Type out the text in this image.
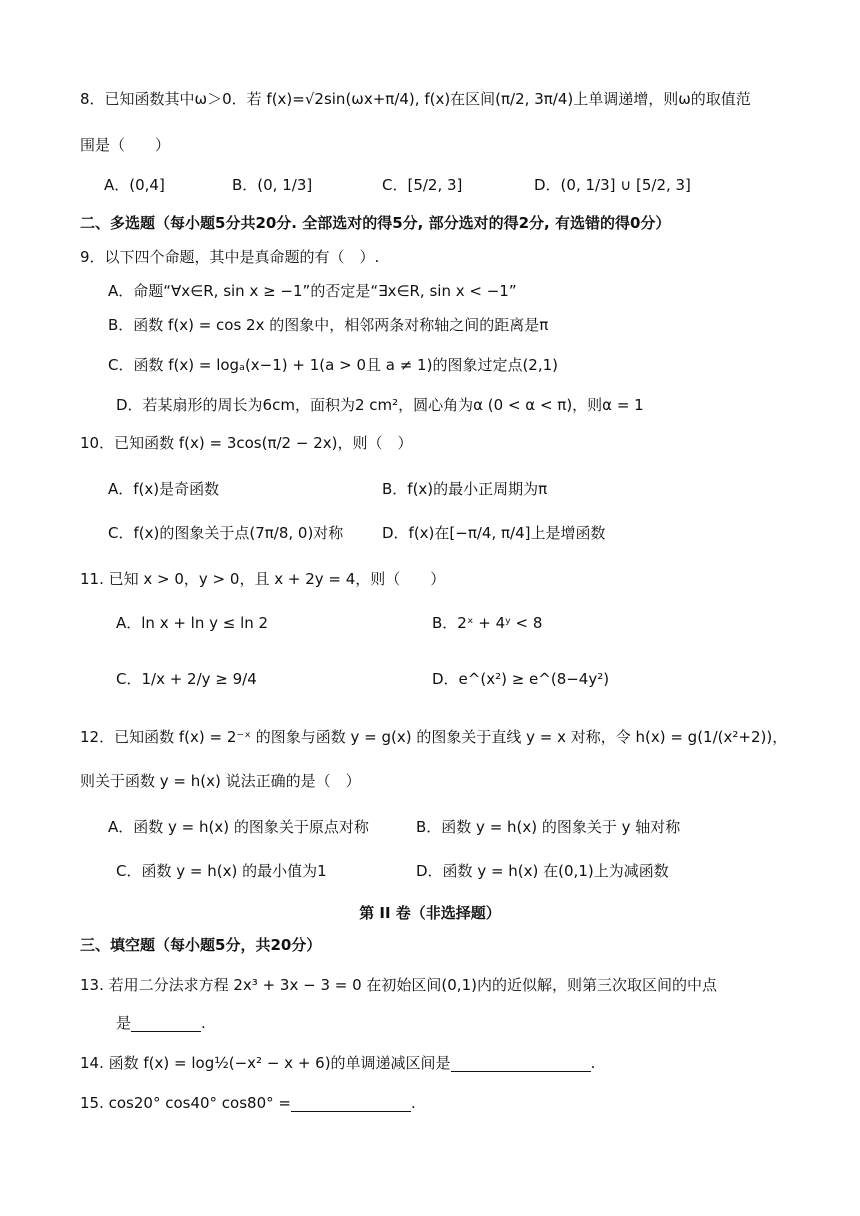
8．已知函数其中ω＞0．若 f(x)=√2sin(ωx+π/4), f(x)在区间(π/2, 3π/4)上单调递增，则ω的取值范
围是（　　）
A．(0,4]	B．(0, 1/3]	C．[5/2, 3]	D．(0, 1/3] ∪ [5/2, 3]
二、多选题（每小题5分共20分. 全部选对的得5分, 部分选对的得2分, 有选错的得0分）
9．以下四个命题，其中是真命题的有（　）.
A．命题“∀x∈R, sin x ≥ −1”的否定是“∃x∈R, sin x < −1”
B．函数 f(x) = cos 2x 的图象中，相邻两条对称轴之间的距离是π
C．函数 f(x) = logₐ(x−1) + 1(a > 0且 a ≠ 1)的图象过定点(2,1)
D．若某扇形的周长为6cm，面积为2 cm²，圆心角为α (0 < α < π)，则α = 1
10．已知函数 f(x) = 3cos(π/2 − 2x)，则（　）
A．f(x)是奇函数	B．f(x)的最小正周期为π
C．f(x)的图象关于点(7π/8, 0)对称	D．f(x)在[−π/4, π/4]上是增函数
11. 已知 x > 0，y > 0，且 x + 2y = 4，则（　　）
A．ln x + ln y ≤ ln 2	B．2ˣ + 4ʸ < 8
C．1/x + 2/y ≥ 9/4	D．e^(x²) ≥ e^(8−4y²)
12．已知函数 f(x) = 2⁻ˣ 的图象与函数 y = g(x) 的图象关于直线 y = x 对称，令 h(x) = g(1/(x²+2))，
则关于函数 y = h(x) 说法正确的是（　）
A．函数 y = h(x) 的图象关于原点对称	B．函数 y = h(x) 的图象关于 y 轴对称
C．函数 y = h(x) 的最小值为1	D．函数 y = h(x) 在(0,1)上为减函数
第 II 卷（非选择题）
三、填空题（每小题5分，共20分）
13. 若用二分法求方程 2x³ + 3x − 3 = 0 在初始区间(0,1)内的近似解，则第三次取区间的中点
是	.
14. 函数 f(x) = log½(−x² − x + 6)的单调递减区间是	.
15. cos20° cos40° cos80° =	.
